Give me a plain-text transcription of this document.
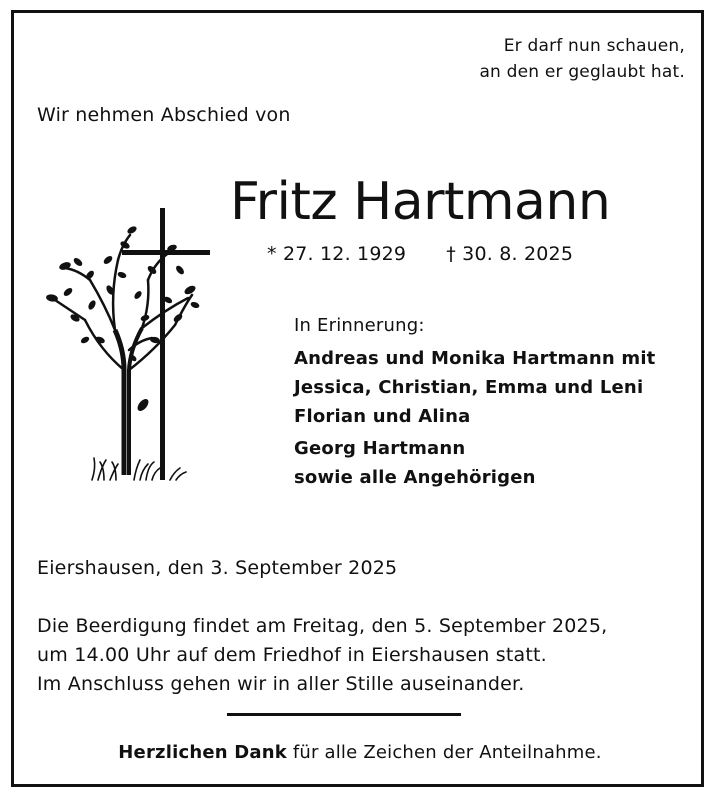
Er darf nun schauen,
an den er geglaubt hat.
Wir nehmen Abschied von
Fritz Hartmann
* 27. 12. 1929 † 30. 8. 2025
In Erinnerung:
Andreas und Monika Hartmann mit
Jessica, Christian, Emma und Leni
Florian und Alina
Georg Hartmann
sowie alle Angehörigen
Eiershausen, den 3. September 2025
Die Beerdigung findet am Freitag, den 5. September 2025,
um 14.00 Uhr auf dem Friedhof in Eiershausen statt.
Im Anschluss gehen wir in aller Stille auseinander.
Herzlichen Dank für alle Zeichen der Anteilnahme.
